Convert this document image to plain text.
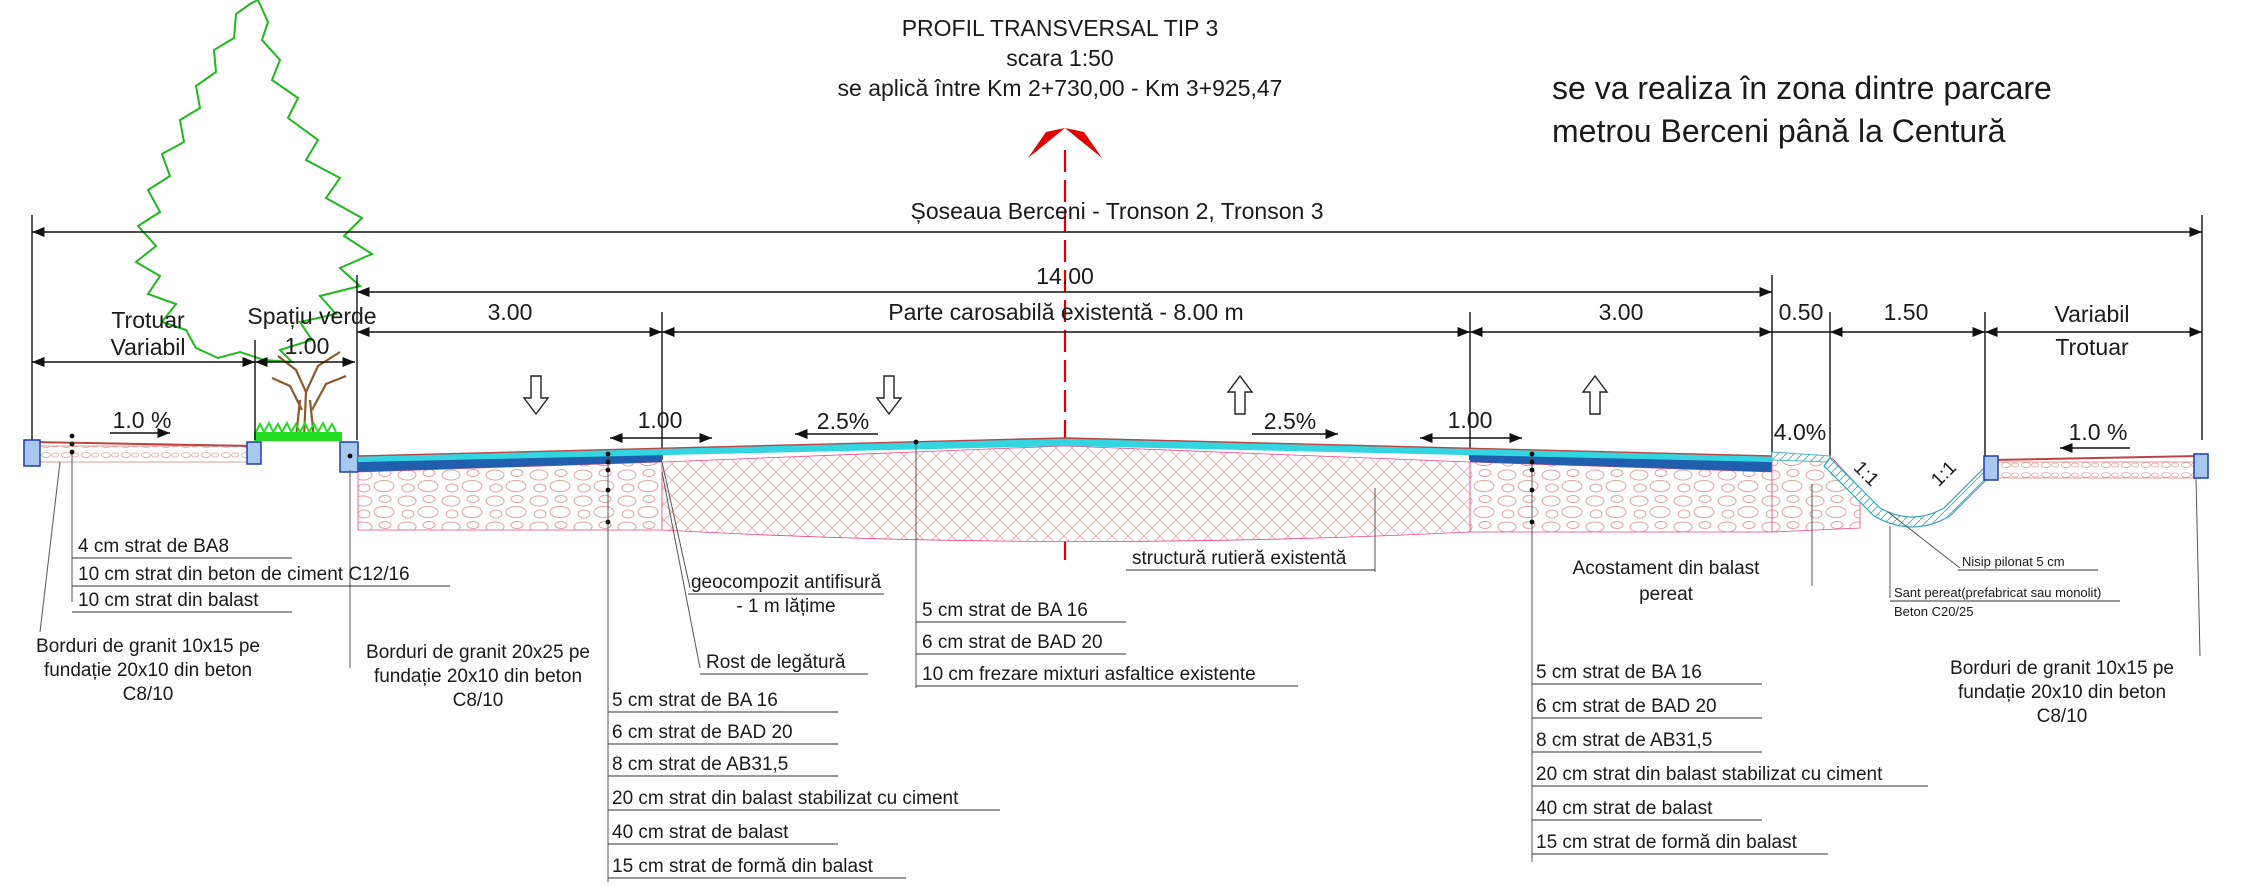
PROFIL TRANSVERSAL TIP 3
scara 1:50
se aplică între Km 2+730,00 - Km 3+925,47	se va realiza în zona dintre parcare
metrou Berceni până la Centură
Șoseaua Berceni - Tronson 2, Tronson 3
14.00
3.00	Parte carosabilă existentă - 8.00 m	3.00	0.50	1.50
1.00
Trotuar
Variabil
Spațiu verde	Variabil
Trotuar
1.0 %	1.00	1.00
2.5%	2.5%	4.0%
1:1 1:1
1.0 %
4 cm strat de BA8
10 cm strat din beton de ciment C12/16
10 cm strat din balast
Borduri de granit 10x15 pe
fundație 20x10 din beton
C8/10
Borduri de granit 20x25 pe
fundație 20x10 din beton
C8/10
geocompozit antifisură
- 1 m lățime
Rost de legătură
structură rutieră existentă
5 cm strat de BA 16
6 cm strat de BAD 20
10 cm frezare mixturi asfaltice existente
5 cm strat de BA 16
6 cm strat de BAD 20
8 cm strat de AB31,5
20 cm strat din balast stabilizat cu ciment
40 cm strat de balast
15 cm strat de formă din balast
5 cm strat de BA 16
6 cm strat de BAD 20
8 cm strat de AB31,5
20 cm strat din balast stabilizat cu ciment
40 cm strat de balast
15 cm strat de formă din balast
Acostament din balast
pereat
Nisip pilonat 5 cm
Sant pereat(prefabricat sau monolit)
Beton C20/25
Borduri de granit 10x15 pe
fundație 20x10 din beton
C8/10
